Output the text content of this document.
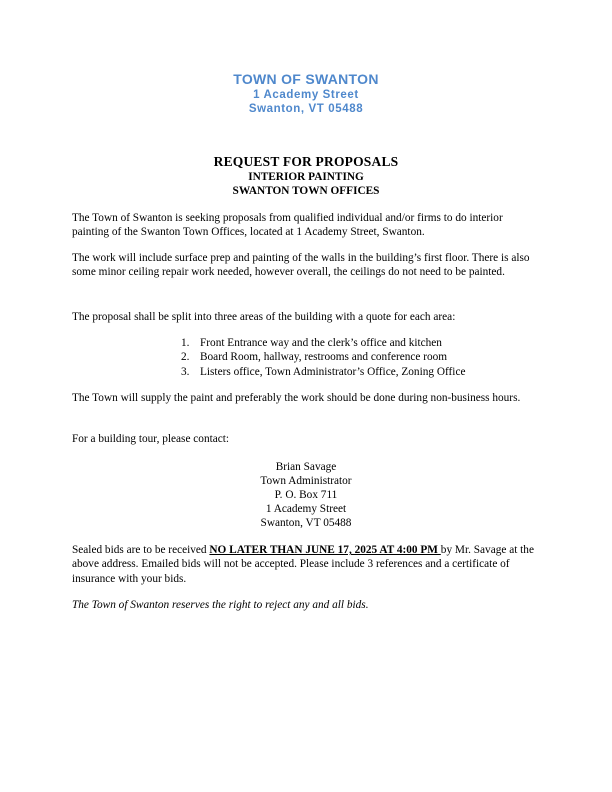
TOWN OF SWANTON
1 Academy Street
Swanton, VT 05488
REQUEST FOR PROPOSALS
INTERIOR PAINTING
SWANTON TOWN OFFICES

The Town of Swanton is seeking proposals from qualified individual and/or firms to do interior painting of the Swanton Town Offices, located at 1 Academy Street, Swanton.

The work will include surface prep and painting of the walls in the building’s first floor. There is also some minor ceiling repair work needed, however overall, the ceilings do not need to be painted.

The proposal shall be split into three areas of the building with a quote for each area:

1. Front Entrance way and the clerk’s office and kitchen
2. Board Room, hallway, restrooms and conference room
3. Listers office, Town Administrator’s Office, Zoning Office

The Town will supply the paint and preferably the work should be done during non-business hours.

For a building tour, please contact:

Brian Savage
Town Administrator
P. O. Box 711
1 Academy Street
Swanton, VT 05488

Sealed bids are to be received NO LATER THAN JUNE 17, 2025 AT 4:00 PM by Mr. Savage at the above address. Emailed bids will not be accepted. Please include 3 references and a certificate of insurance with your bids.

The Town of Swanton reserves the right to reject any and all bids.
